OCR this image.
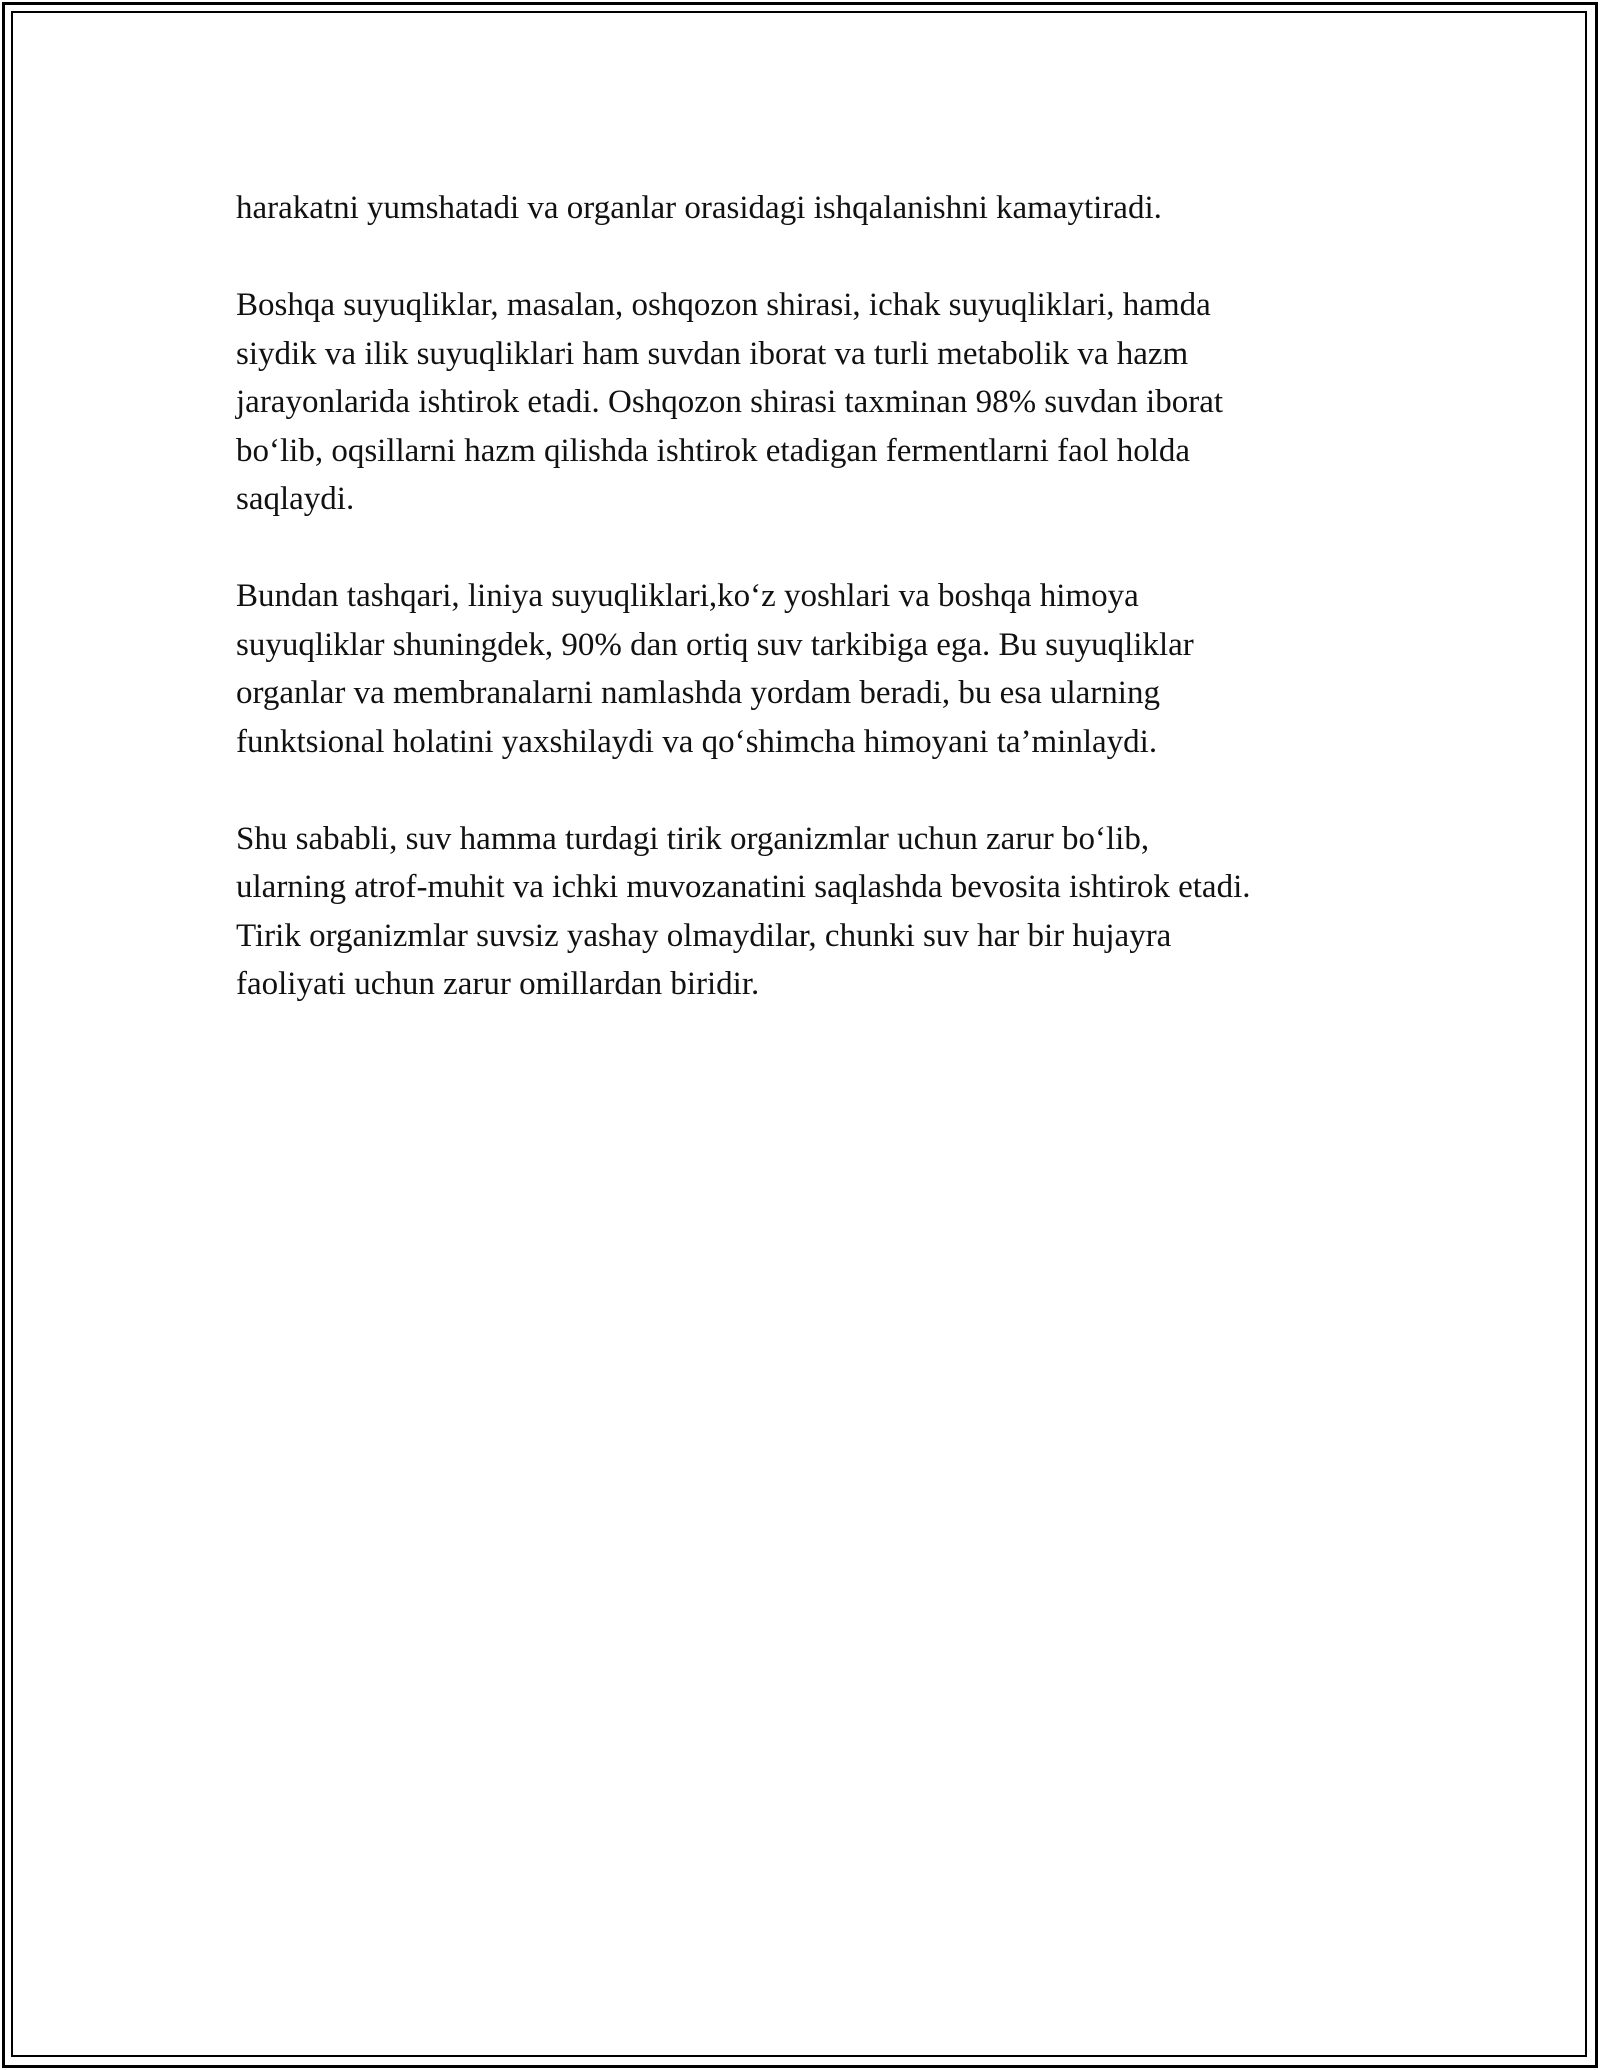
harakatni yumshatadi va organlar orasidagi ishqalanishni kamaytiradi.

Boshqa suyuqliklar, masalan, oshqozon shirasi, ichak suyuqliklari, hamda
siydik va ilik suyuqliklari ham suvdan iborat va turli metabolik va hazm
jarayonlarida ishtirok etadi. Oshqozon shirasi taxminan 98% suvdan iborat
bo‘lib, oqsillarni hazm qilishda ishtirok etadigan fermentlarni faol holda
saqlaydi.

Bundan tashqari, liniya suyuqliklari,ko‘z yoshlari va boshqa himoya
suyuqliklar shuningdek, 90% dan ortiq suv tarkibiga ega. Bu suyuqliklar
organlar va membranalarni namlashda yordam beradi, bu esa ularning
funktsional holatini yaxshilaydi va qo‘shimcha himoyani ta’minlaydi.

Shu sababli, suv hamma turdagi tirik organizmlar uchun zarur bo‘lib,
ularning atrof-muhit va ichki muvozanatini saqlashda bevosita ishtirok etadi.
Tirik organizmlar suvsiz yashay olmaydilar, chunki suv har bir hujayra
faoliyati uchun zarur omillardan biridir.
